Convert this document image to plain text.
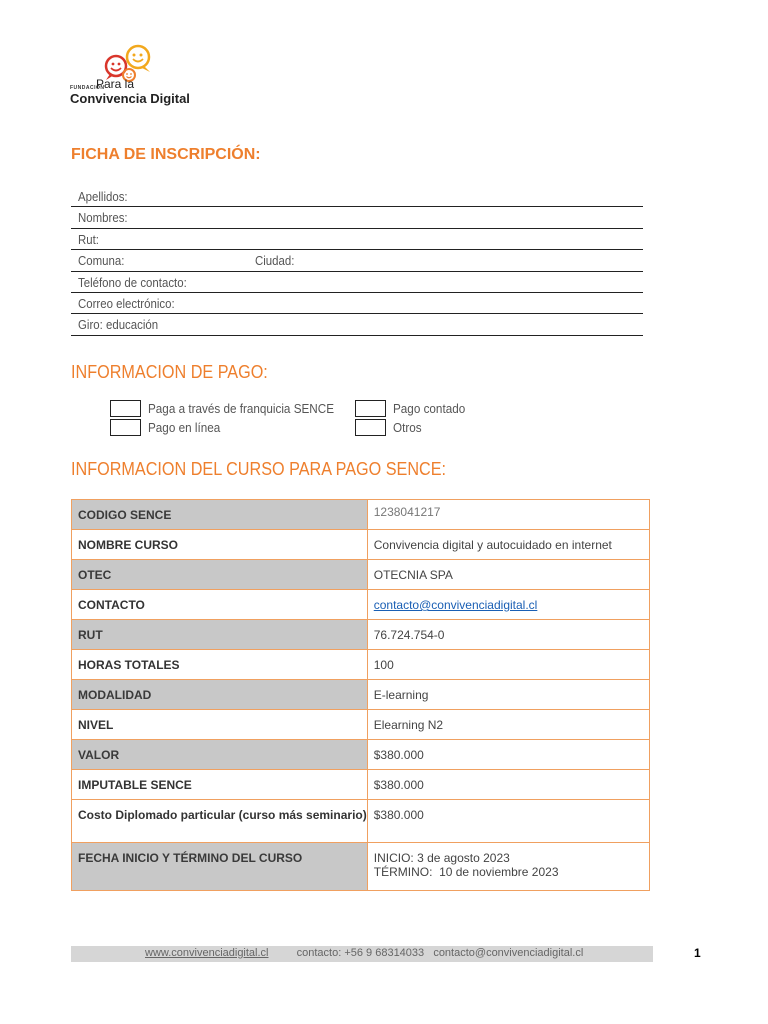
FUNDACIÓN
Para la
Convivencia Digital
FICHA DE INSCRIPCIÓN:
Apellidos:
Nombres:
Rut:
Comuna:	Ciudad:
Teléfono de contacto:
Correo electrónico:
Giro: educación
INFORMACION DE PAGO:
Paga a través de franquicia SENCE
Pago en línea
Pago contado
Otros
INFORMACION DEL CURSO PARA PAGO SENCE:
CODIGO SENCE	1238041217
NOMBRE CURSO	Convivencia digital y autocuidado en internet
OTEC	OTECNIA SPA
CONTACTO	contacto@convivenciadigital.cl
RUT	76.724.754-0
HORAS TOTALES	100
MODALIDAD	E-learning
NIVEL	Elearning N2
VALOR	$380.000
IMPUTABLE SENCE	$380.000
Costo Diplomado particular (curso más seminario)	$380.000
FECHA INICIO Y TÉRMINO DEL CURSO	INICIO: 3 de agosto 2023
TÉRMINO:  10 de noviembre 2023
www.convivenciadigital.cl	contacto: +56 9 68314033   contacto@convivenciadigital.cl	1
